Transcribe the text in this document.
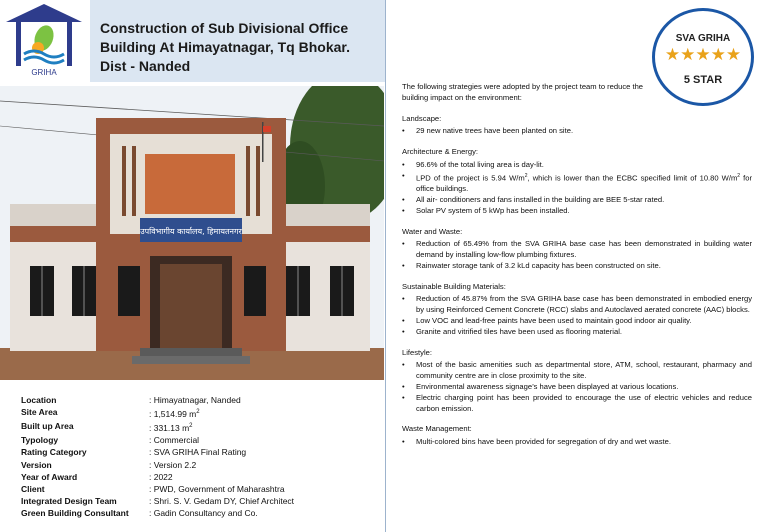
GRIHA
Construction of Sub Divisional Office
Building At Himayatnagar, Tq Bhokar.
Dist - Nanded
उपविभागीय कार्यालय, हिमायतनगर
Location	: Himayatnagar, Nanded
Site Area	: 1,514.99 $m^2$
Built up Area	: 331.13 $m^2$
Typology	: Commercial
Rating Category	: SVA GRIHA Final Rating
Version	: Version 2.2
Year of Award	: 2022
Client	: PWD, Government of Maharashtra
Integrated Design Team	: Shri. S. V. Gedam DY, Chief Architect
Green Building Consultant	: Gadin Consultancy and Co.
SVA GRIHA
★★★★★
5 STAR
The following strategies were adopted by the project team to reduce the building impact on the environment:
Landscape:
• 29 new native trees have been planted on site.
Architecture & Energy:
• 96.6% of the total living area is day-lit.
• LPD of the project is 5.94 $W/m^2$, which is lower than the ECBC specified limit of 10.80 $W/m^2$ for office buildings.
• All air- conditioners and fans installed in the building are BEE 5-star rated.
• Solar PV system of 5 kWp has been installed.
Water and Waste:
• Reduction of 65.49% from the SVA GRIHA base case has been demonstrated in building water demand by installing low-flow plumbing fixtures.
• Rainwater storage tank of 3.2 kLd capacity has been constructed on site.
Sustainable Building Materials:
• Reduction of 45.87% from the SVA GRIHA base case has been demonstrated in embodied energy by using Reinforced Cement Concrete (RCC) slabs and Autoclaved aerated concrete (AAC) blocks.
• Low VOC and lead-free paints have been used to maintain good indoor air quality.
• Granite and vitrified tiles have been used as flooring material.
Lifestyle:
• Most of the basic amenities such as departmental store, ATM, school, restaurant, pharmacy and community centre are in close proximity to the site.
• Environmental awareness signage’s have been displayed at various locations.
• Electric charging point has been provided to encourage the use of electric vehicles and reduce carbon emission.
Waste Management:
• Multi-colored bins have been provided for segregation of dry and wet waste.
